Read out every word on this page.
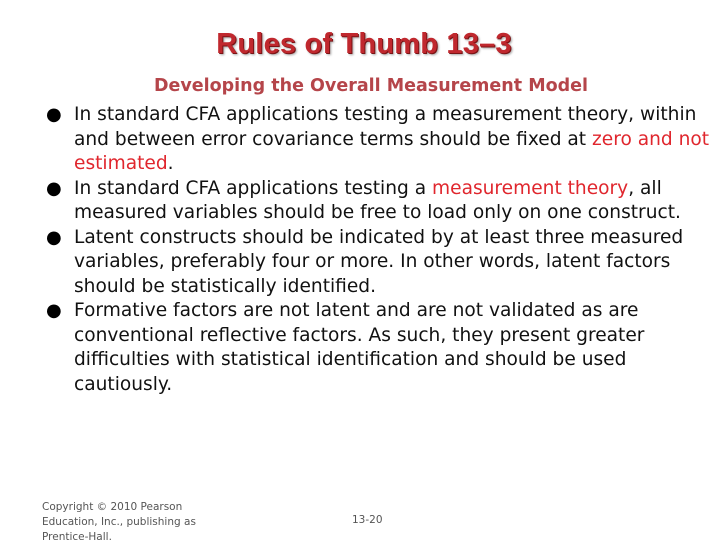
Rules of Thumb 13–3
Developing the Overall Measurement Model
● In standard CFA applications testing a measurement theory, within and between error covariance terms should be fixed at zero and not estimated.
● In standard CFA applications testing a measurement theory, all measured variables should be free to load only on one construct.
● Latent constructs should be indicated by at least three measured variables, preferably four or more. In other words, latent factors should be statistically identified.
● Formative factors are not latent and are not validated as are conventional reflective factors. As such, they present greater difficulties with statistical identification and should be used cautiously.
Copyright © 2010 Pearson Education, Inc., publishing as Prentice-Hall.
13-20
